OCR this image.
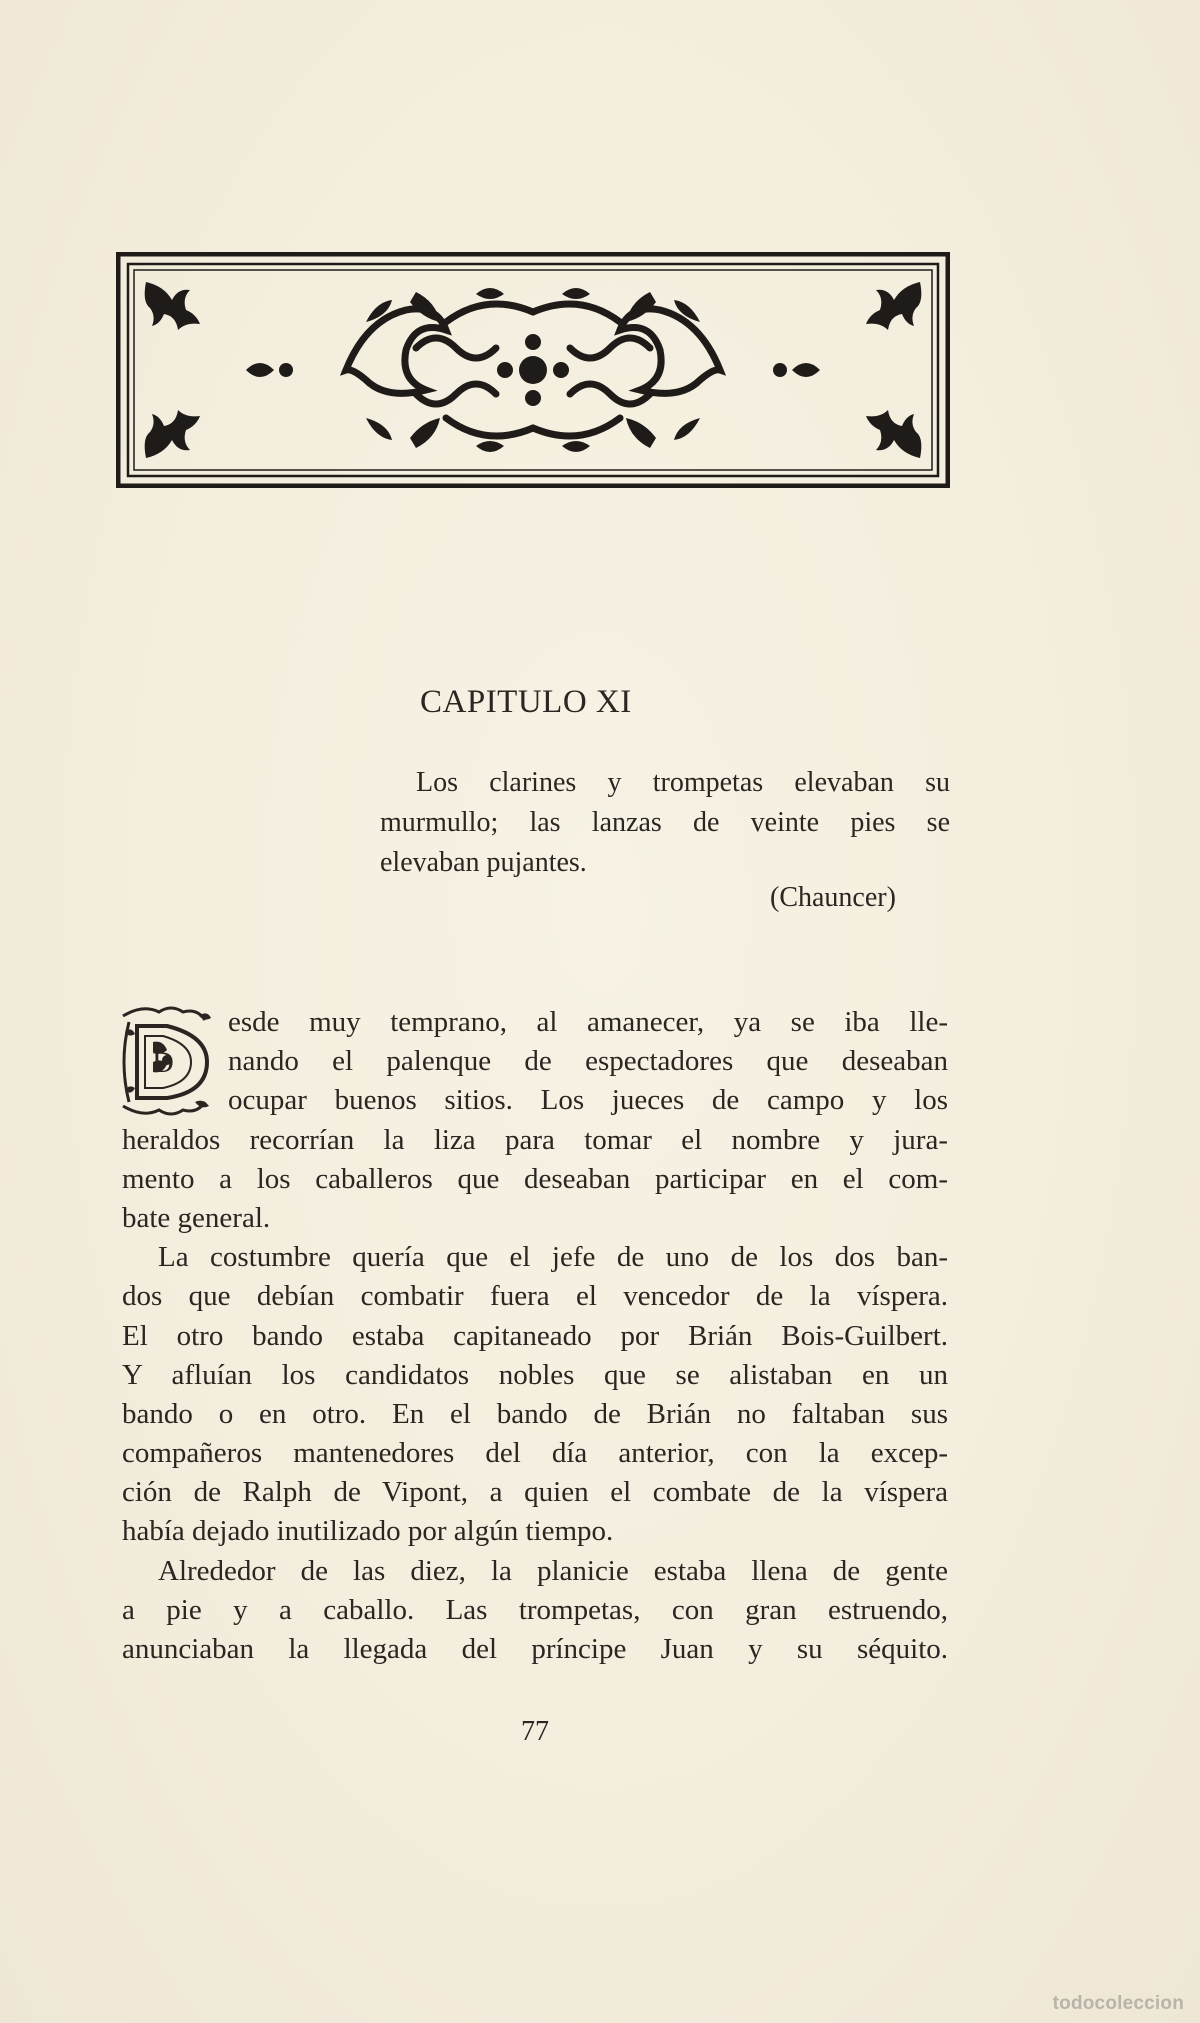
CAPITULO XI
Los clarines y trompetas elevaban su
murmullo; las lanzas de veinte pies se
elevaban pujantes.
(Chauncer)
D
esde muy temprano, al amanecer, ya se iba lle-
nando el palenque de espectadores que deseaban
ocupar buenos sitios. Los jueces de campo y los
heraldos recorrían la liza para tomar el nombre y jura-
mento a los caballeros que deseaban participar en el com-
bate general.
La costumbre quería que el jefe de uno de los dos ban-
dos que debían combatir fuera el vencedor de la víspera.
El otro bando estaba capitaneado por Brián Bois-Guilbert.
Y afluían los candidatos nobles que se alistaban en un
bando o en otro. En el bando de Brián no faltaban sus
compañeros mantenedores del día anterior, con la excep-
ción de Ralph de Vipont, a quien el combate de la víspera
había dejado inutilizado por algún tiempo.
Alrededor de las diez, la planicie estaba llena de gente
a pie y a caballo. Las trompetas, con gran estruendo,
anunciaban la llegada del príncipe Juan y su séquito.
77
todocoleccion
